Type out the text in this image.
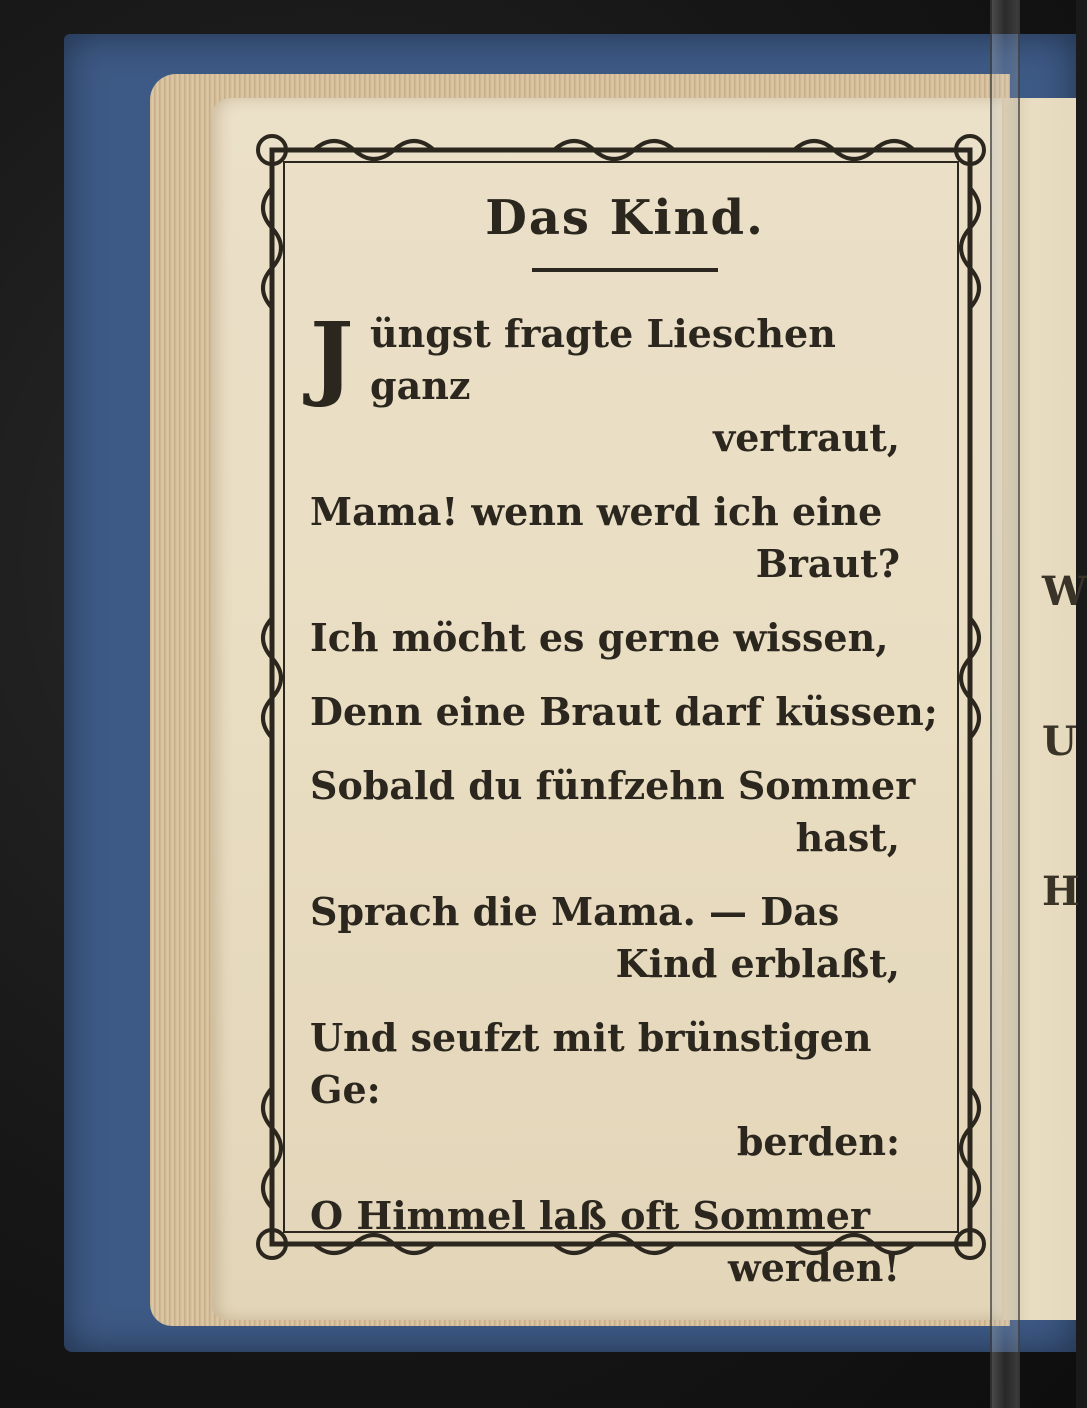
W
U
H
Das Kind.

J üngst fragte Lieschen ganz

vertraut,

Mama! wenn werd ich eine

Braut?

Ich möcht es gerne wissen,

Denn eine Braut darf küssen;

Sobald du fünfzehn Sommer

hast,

Sprach die Mama. — Das

Kind erblaßt,

Und seufzt mit brünstigen Ge:

berden:

O Himmel laß oft Sommer

werden!
